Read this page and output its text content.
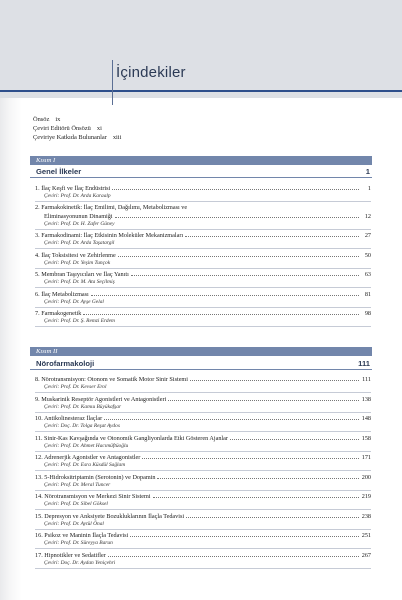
İçindekiler
Önsöz ix
Çeviri Editörü Önsözü xi
Çeviriye Katkıda Bulunanlar xiii
Kısım I
Genel İlkeler	1
1. İlaç Keşfi ve İlaç Endüstrisi	1
Çeviri: Prof. Dr. Arda Karaalp
2. Farmakokinetik: İlaç Emilimi, Dağılımı, Metabolizması ve
Eliminasyonunun Dinamiği	12
Çeviri: Prof. Dr. H. Zafer Güney
3. Farmakodinami: İlaç Etkisinin Moleküler Mekanizmaları	27
Çeviri: Prof. Dr. Arda Taşatargil
4. İlaç Toksisitesi ve Zehirlenme	50
Çeviri: Prof. Dr. Yeşim Tunçok
5. Membran Taşıyıcıları ve İlaç Yanıtı	63
Çeviri: Prof. Dr. M. Ata Seçilmiş
6. İlaç Metabolizması	81
Çeviri: Prof. Dr. Ayşe Gelal
7. Farmakogenetik	98
Çeviri: Prof. Dr. Ş. Remzi Erdem
Kısım II
Nörofarmakoloji	111
8. Nörotransmisyon: Otonom ve Somatik Motor Sinir Sistemi	111
Çeviri: Prof. Dr. Kevser Erol
9. Muskarinik Reseptör Agonistleri ve Antagonistleri	138
Çeviri: Prof. Dr. Kamıu Büyükafşar
10. Antikolinesteraz İlaçlar	148
Çeviri: Doç. Dr. Tolga Reşat Aydos
11. Sinir-Kas Kavşağında ve Otonomik Gangliyonlarda Etki Gösteren Ajanlar	158
Çeviri: Prof. Dr. Ahmet Hacımüftüoğlu
12. Adrenerjik Agonistler ve Antagonistler	171
Çeviri: Prof. Dr. Esra Küsdül Sağlam
13. 5-Hidroksitriptamin (Serotonin) ve Dopamin	200
Çeviri: Prof. Dr. Meral Tuncer
14. Nörotransmisyon ve Merkezi Sinir Sistemi	219
Çeviri: Prof. Dr. Sibel Göksel
15. Depresyon ve Anksiyete Bozukluklarının İlaçla Tedavisi	238
Çeviri: Prof. Dr. Aytül Önal
16. Psikoz ve Maninin İlaçla Tedavisi	251
Çeviri: Prof. Dr. Süreyya Barun
17. Hipnotikler ve Sedatifler	267
Çeviri: Doç. Dr. Aydan Yeniçehri
